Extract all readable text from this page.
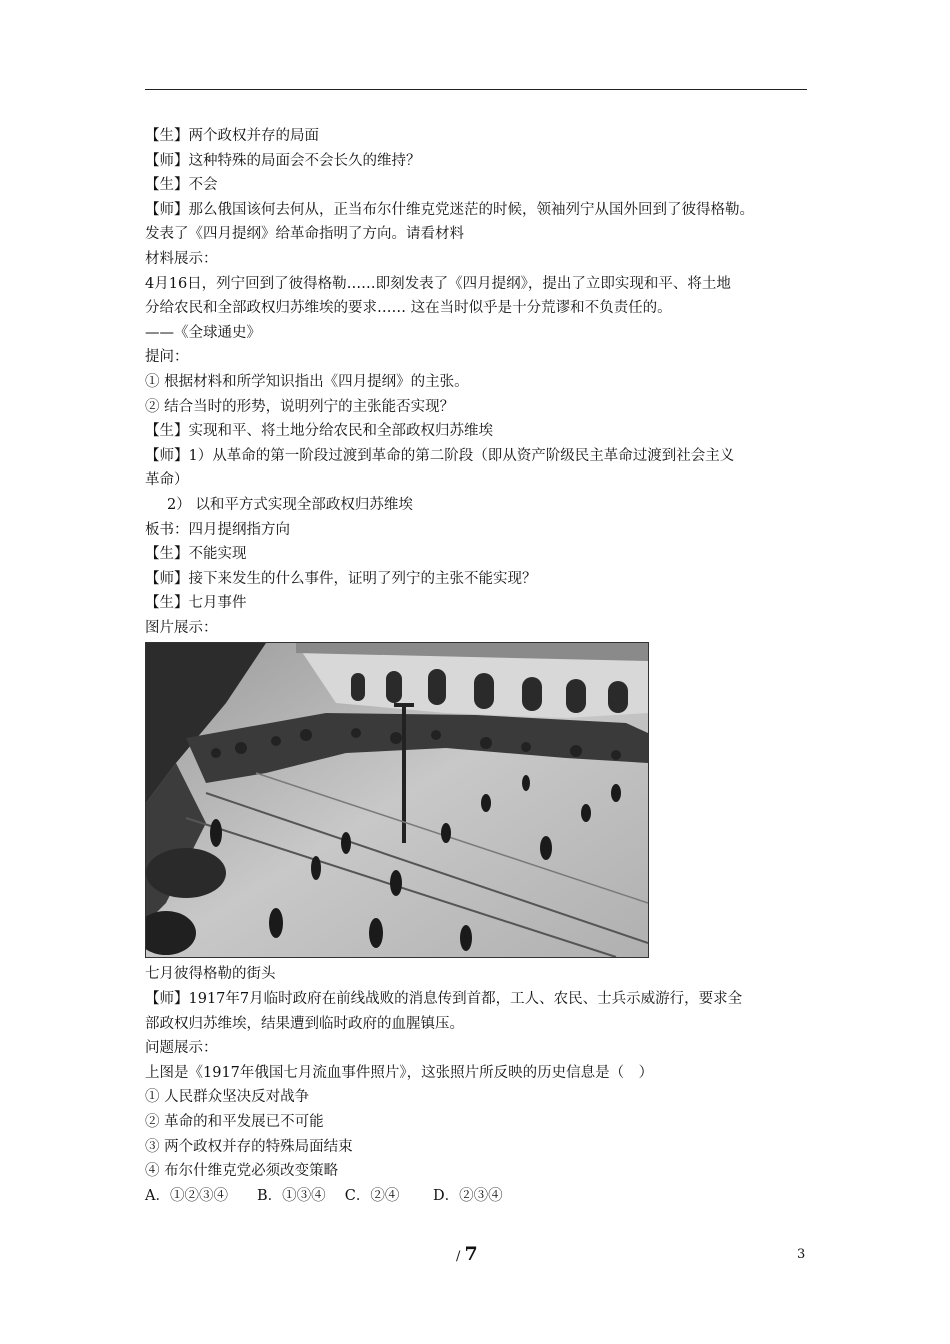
【生】两个政权并存的局面
【师】这种特殊的局面会不会长久的维持？
【生】不会
【师】那么俄国该何去何从，正当布尔什维克党迷茫的时候，领袖列宁从国外回到了彼得格勒。
发表了《四月提纲》给革命指明了方向。请看材料
材料展示：
4月16日，列宁回到了彼得格勒……即刻发表了《四月提纲》，提出了立即实现和平、将土地
分给农民和全部政权归苏维埃的要求…… 这在当时似乎是十分荒谬和不负责任的。
——《全球通史》
提问：
① 根据材料和所学知识指出《四月提纲》的主张。
② 结合当时的形势，说明列宁的主张能否实现？
【生】实现和平、将土地分给农民和全部政权归苏维埃
【师】1）从革命的第一阶段过渡到革命的第二阶段（即从资产阶级民主革命过渡到社会主义
革命）
2） 以和平方式实现全部政权归苏维埃
板书：四月提纲指方向
【生】不能实现
【师】接下来发生的什么事件，证明了列宁的主张不能实现？
【生】七月事件
图片展示：
七月彼得格勒的街头
【师】1917年7月临时政府在前线战败的消息传到首都，工人、农民、士兵示威游行，要求全
部政权归苏维埃，结果遭到临时政府的血腥镇压。
问题展示：
上图是《1917年俄国七月流血事件照片》，这张照片所反映的历史信息是（　）
① 人民群众坚决反对战争
② 革命的和平发展已不可能
③ 两个政权并存的特殊局面结束
④ 布尔什维克党必须改变策略
A．①②③④　　B．①③④　 C．②④　　 D．②③④
/ 7	3
